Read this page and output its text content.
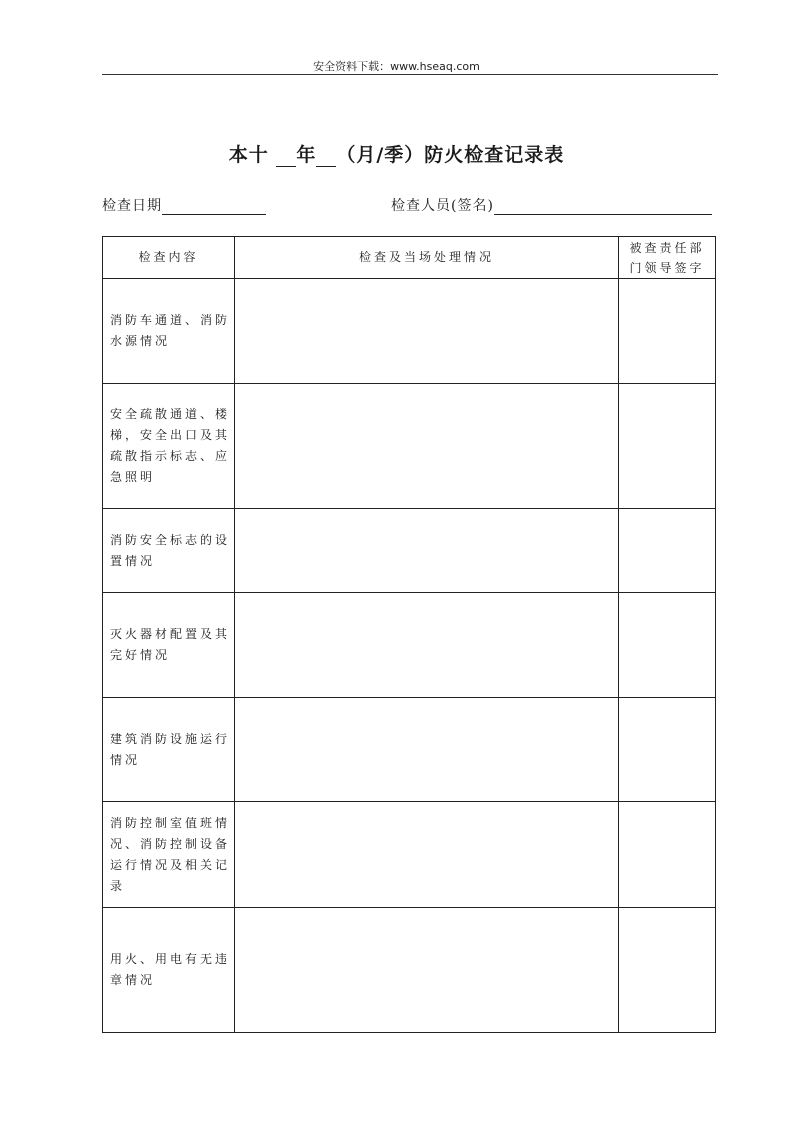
安全资料下载：www.hseaq.com
本十 年 （月/季）防火检查记录表
检查日期	检查人员(签名)
检查内容	检查及当场处理情况	被查责任部门领导签字
消防车通道、消防水源情况		
安全疏散通道、楼梯，安全出口及其疏散指示标志、应急照明		
消防安全标志的设置情况		
灭火器材配置及其完好情况		
建筑消防设施运行情况		
消防控制室值班情况、消防控制设备运行情况及相关记录		
用火、用电有无违章情况		
